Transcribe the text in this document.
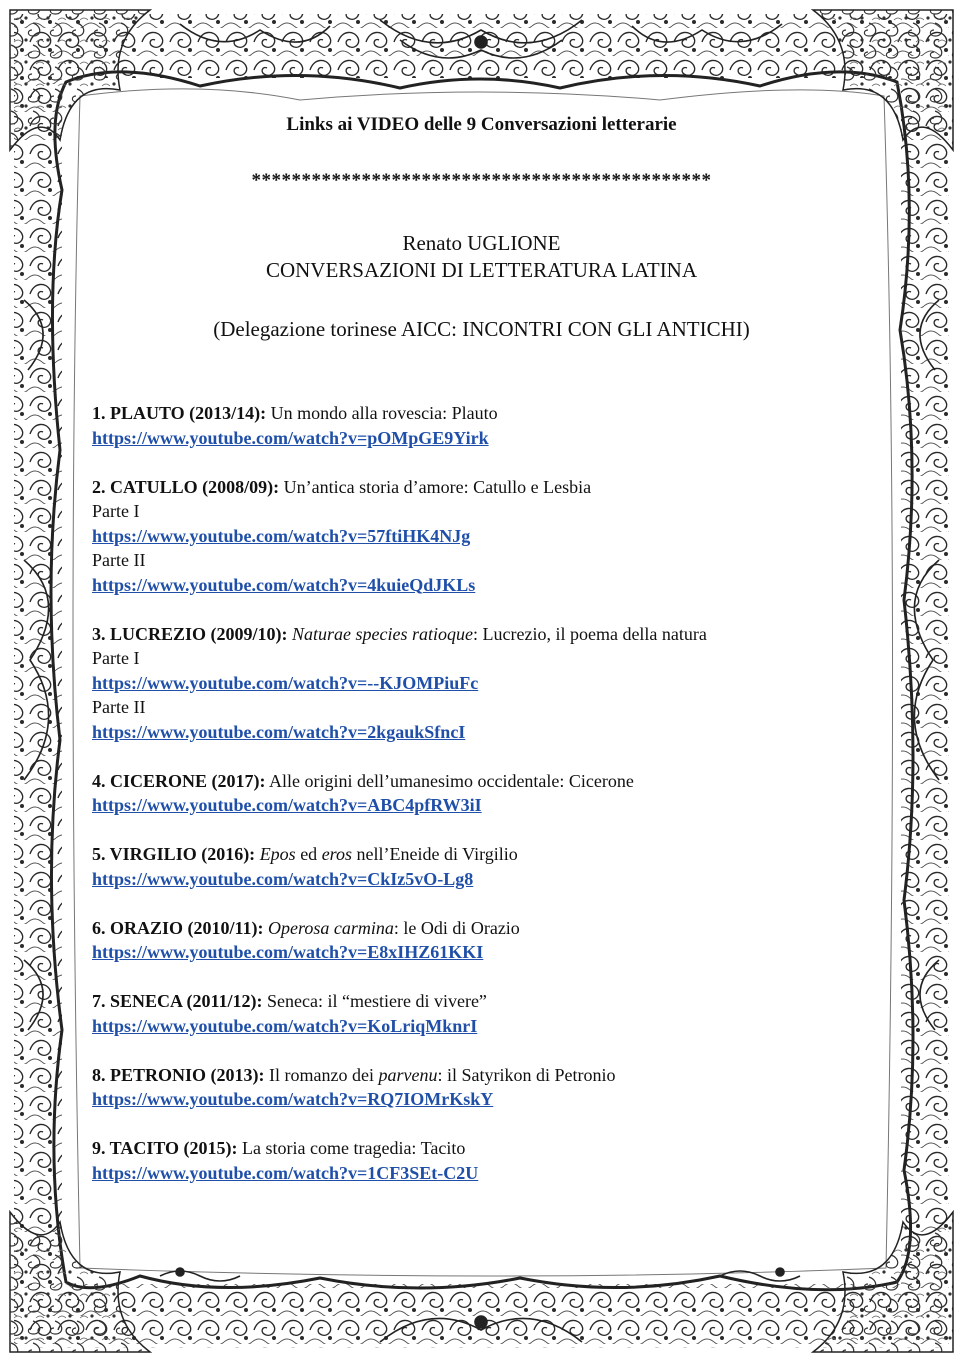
Links ai VIDEO delle 9 Conversazioni letterarie
**********************************************
Renato UGLIONE
CONVERSAZIONI DI LETTERATURA LATINA
(Delegazione torinese AICC: INCONTRI CON GLI ANTICHI)
1. PLAUTO (2013/14): Un mondo alla rovescia: Plauto
https://www.youtube.com/watch?v=pOMpGE9Yirk
2. CATULLO (2008/09): Un’antica storia d’amore: Catullo e Lesbia
Parte I
https://www.youtube.com/watch?v=57ftiHK4NJg
Parte II
https://www.youtube.com/watch?v=4kuieQdJKLs
3. LUCREZIO (2009/10): Naturae species ratioque: Lucrezio, il poema della natura
Parte I
https://www.youtube.com/watch?v=--KJOMPiuFc
Parte II
https://www.youtube.com/watch?v=2kgaukSfncI
4. CICERONE (2017): Alle origini dell’umanesimo occidentale: Cicerone
https://www.youtube.com/watch?v=ABC4pfRW3iI
5. VIRGILIO (2016): Epos ed eros nell’Eneide di Virgilio
https://www.youtube.com/watch?v=CkIz5vO-Lg8
6. ORAZIO (2010/11): Operosa carmina: le Odi di Orazio
https://www.youtube.com/watch?v=E8xIHZ61KKI
7. SENECA (2011/12): Seneca: il “mestiere di vivere”
https://www.youtube.com/watch?v=KoLriqMknrI
8. PETRONIO (2013): Il romanzo dei parvenu: il Satyrikon di Petronio
https://www.youtube.com/watch?v=RQ7IOMrKskY
9. TACITO (2015): La storia come tragedia: Tacito
https://www.youtube.com/watch?v=1CF3SEt-C2U
